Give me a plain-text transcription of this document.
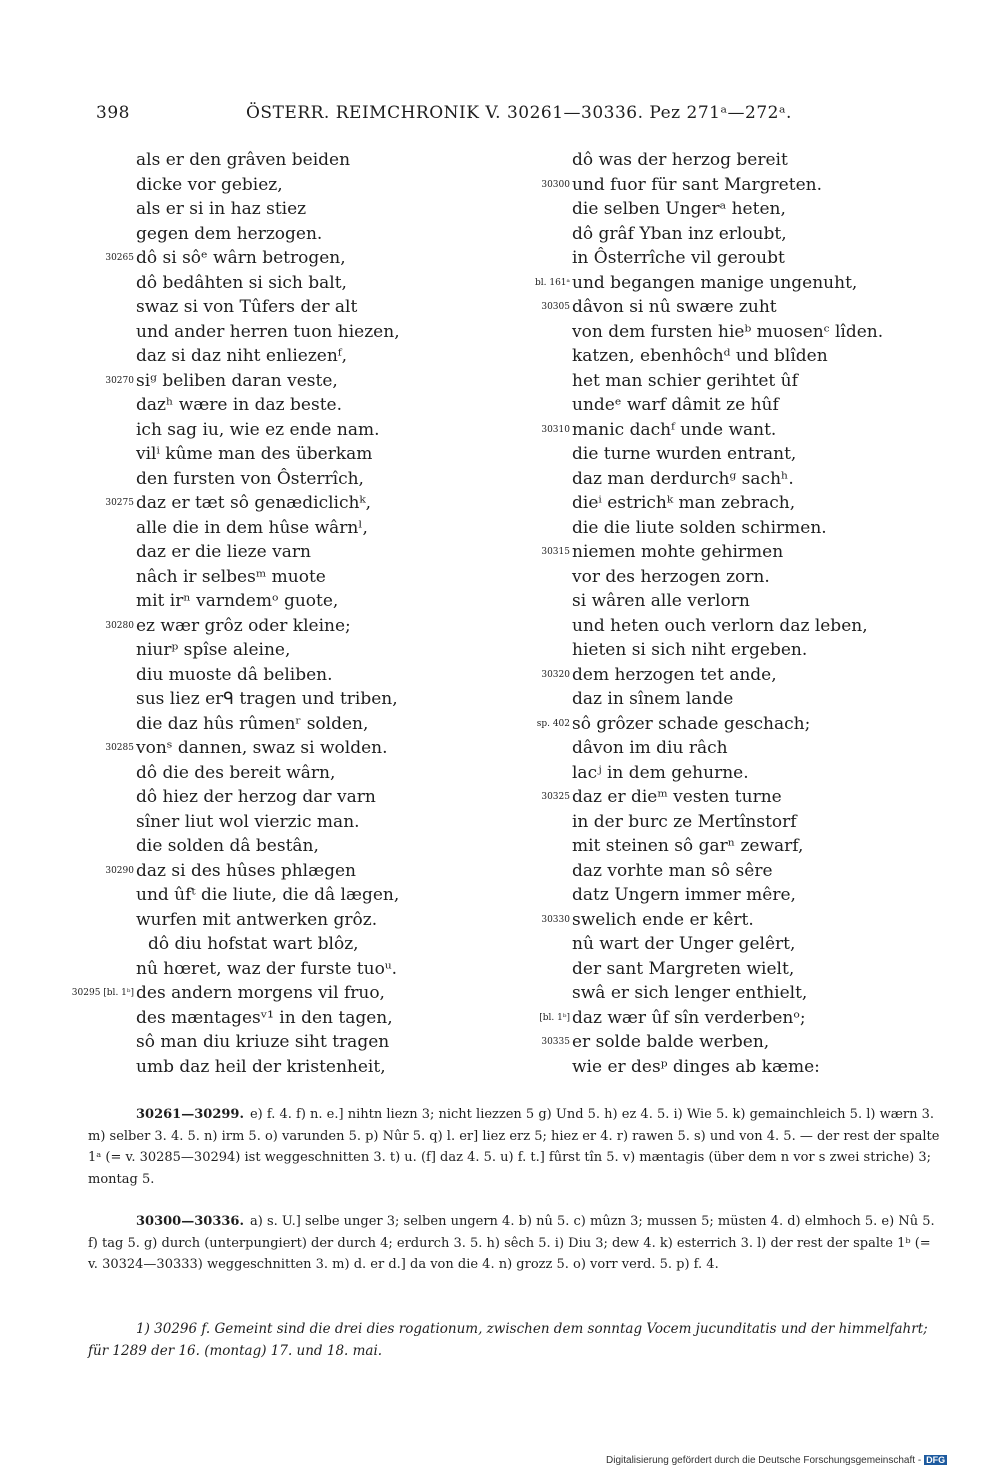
398	ÖSTERR. REIMCHRONIK V. 30261—30336. Pez 271ᵃ—272ᵃ.
als er den grâven beiden
dicke vor gebiez,
als er si in haz stiez
gegen dem herzogen.
30265 dô si sôᵉ wârn betrogen,
dô bedâhten si sich balt,
swaz si von Tûfers der alt
und ander herren tuon hiezen,
daz si daz niht enliezenᶠ,
30270 siᵍ beliben daran veste,
dazʰ wære in daz beste.
ich sag iu, wie ez ende nam.
vilⁱ kûme man des überkam
den fursten von Ôsterrîch,
30275 daz er tæt sô genædiclichᵏ,
alle die in dem hûse wârnˡ,
daz er die lieze varn
nâch ir selbesᵐ muote
mit irⁿ varndemᵒ guote,
30280 ez wær grôz oder kleine;
niurᵖ spîse aleine,
diu muoste dâ beliben.
sus liez erᑫ tragen und triben,
die daz hûs rûmenʳ solden,
30285 vonˢ dannen, swaz si wolden.
dô die des bereit wârn,
dô hiez der herzog dar varn
sîner liut wol vierzic man.
die solden dâ bestân,
30290 daz si des hûses phlægen
und ûfᵗ die liute, die dâ lægen,
wurfen mit antwerken grôz.
dô diu hofstat wart blôz,
nû hœret, waz der furste tuoᵘ.
30295 [bl. 1ᵇ] des andern morgens vil fruo,
des mæntagesᵛ¹ in den tagen,
sô man diu kriuze siht tragen
umb daz heil der kristenheit,
dô was der herzog bereit
30300 und fuor für sant Margreten.
die selben Ungerᵃ heten,
dô grâf Yban inz erloubt,
in Ôsterrîche vil geroubt
bl. 161ᵃ und begangen manige ungenuht,
30305 dâvon si nû swære zuht
von dem fursten hieᵇ muosenᶜ lîden.
katzen, ebenhôchᵈ und blîden
het man schier gerihtet ûf
undeᵉ warf dâmit ze hûf
30310 manic dachᶠ unde want.
die turne wurden entrant,
daz man derdurchᵍ sachʰ.
dieⁱ estrichᵏ man zebrach,
die die liute solden schirmen.
30315 niemen mohte gehirmen
vor des herzogen zorn.
si wâren alle verlorn
und heten ouch verlorn daz leben,
hieten si sich niht ergeben.
30320 dem herzogen tet ande,
daz in sînem lande
sp. 402 sô grôzer schade geschach;
dâvon im diu râch
lacʲ in dem gehurne.
30325 daz er dieᵐ vesten turne
in der burc ze Mertînstorf
mit steinen sô garⁿ zewarf,
daz vorhte man sô sêre
datz Ungern immer mêre,
30330 swelich ende er kêrt.
nû wart der Unger gelêrt,
der sant Margreten wielt,
swâ er sich lenger enthielt,
[bl. 1ᵇ] daz wær ûf sîn verderbenᵒ;
30335 er solde balde werben,
wie er desᵖ dinges ab kæme:
30261—30299. e) f. 4. f) n. e.] nihtn liezn 3; nicht liezzen 5 g) Und 5. h) ez 4. 5. i) Wie 5. k) gemainchleich 5. l) wærn 3. m) selber 3. 4. 5. n) irm 5. o) varunden 5. p) Nûr 5. q) l. er] liez erz 5; hiez er 4. r) rawen 5. s) und von 4. 5. — der rest der spalte 1ᵃ (= v. 30285—30294) ist weggeschnitten 3. t) u. (f] daz 4. 5. u) f. t.] fûrst tîn 5. v) mæntagis (über dem n vor s zwei striche) 3; montag 5.
30300—30336. a) s. U.] selbe unger 3; selben ungern 4. b) nû 5. c) mûzn 3; mussen 5; müsten 4. d) elmhoch 5. e) Nû 5. f) tag 5. g) durch (unterpungiert) der durch 4; erdurch 3. 5. h) sêch 5. i) Diu 3; dew 4. k) esterrich 3. l) der rest der spalte 1ᵇ (= v. 30324—30333) weggeschnitten 3. m) d. er d.] da von die 4. n) grozz 5. o) vorr verd. 5. p) f. 4.
1) 30296 f. Gemeint sind die drei dies rogationum, zwischen dem sonntag Vocem jucunditatis und der himmelfahrt; für 1289 der 16. (montag) 17. und 18. mai.
Digitalisierung gefördert durch die Deutsche Forschungsgemeinschaft - DFG
